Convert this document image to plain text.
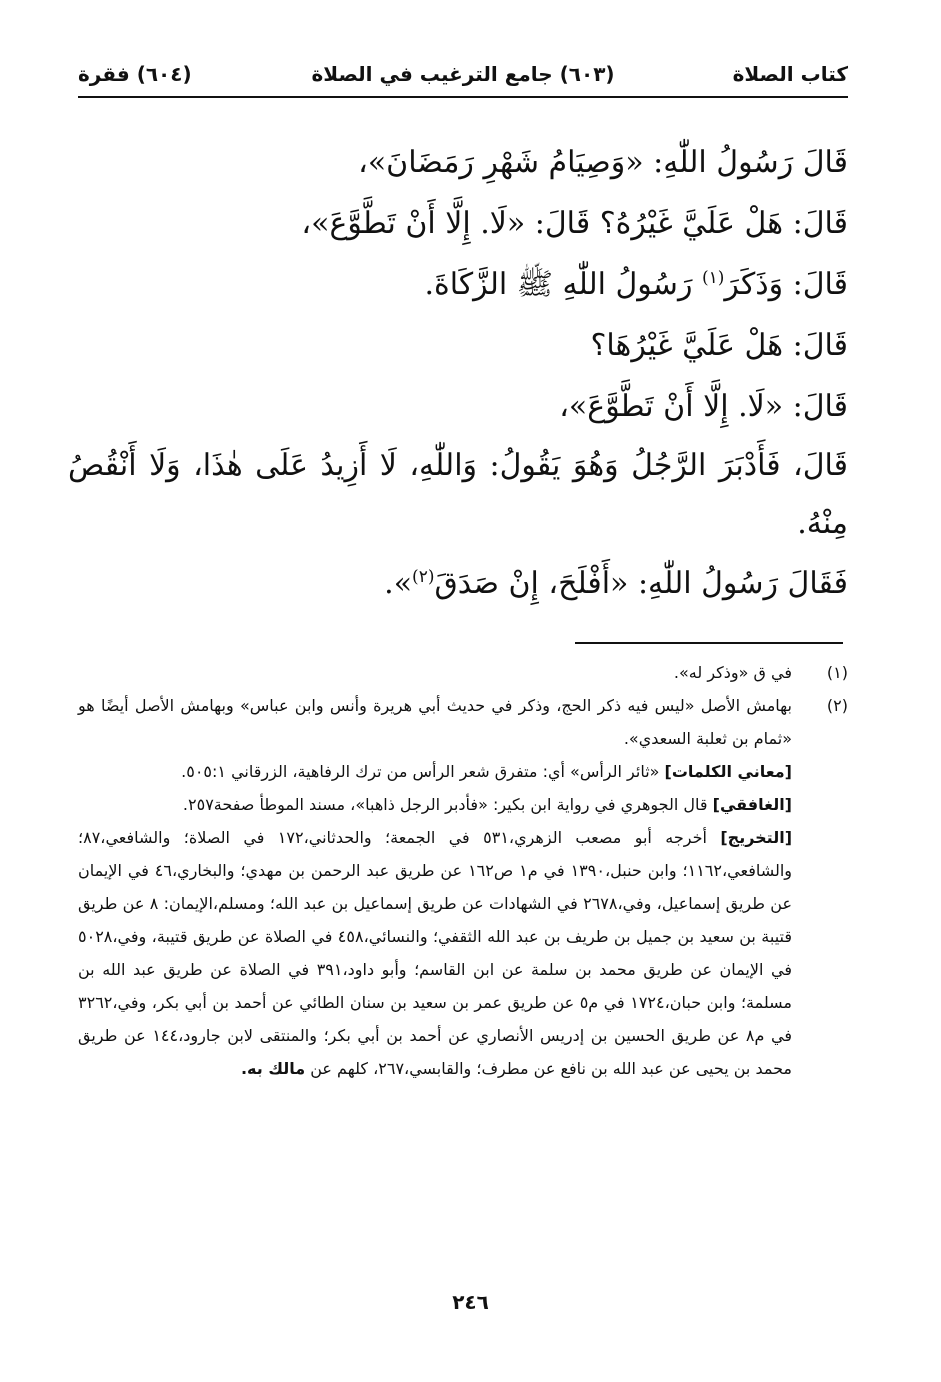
كتاب الصلاة
(٦٠٣) جامع الترغيب في الصلاة
(٦٠٤) فقرة
قَالَ رَسُولُ اللّٰهِ: «وَصِيَامُ شَهْرِ رَمَضَانَ»،
قَالَ: هَلْ عَلَيَّ غَيْرُهُ؟ قَالَ: «لَا. إِلَّا أَنْ تَطَّوَّعَ»،
قَالَ: وَذَكَرَ$^{(١)}$ رَسُولُ اللّٰهِ ﷺ الزَّكَاةَ.
قَالَ: هَلْ عَلَيَّ غَيْرُهَا؟
قَالَ: «لَا. إِلَّا أَنْ تَطَّوَّعَ»،
قَالَ، فَأَدْبَرَ الرَّجُلُ وَهُوَ يَقُولُ: وَاللّٰهِ، لَا أَزِيدُ عَلَى هٰذَا، وَلَا أَنْقُصُ مِنْهُ.
فَقَالَ رَسُولُ اللّٰهِ: «أَفْلَحَ، إِنْ صَدَقَ$^{(٢)}$».
(١)
في ق «وذكر له».
(٢)
بهامش الأصل «ليس فيه ذكر الحج، وذكر في حديث أبي هريرة وأنس وابن عباس» وبهامش الأصل أيضًا هو «ثمام بن ثعلبة السعدي».
[معاني الكلمات] «ثائر الرأس» أي: متفرق شعر الرأس من ترك الرفاهية، الزرقاني ٥٠٥:١.
[الغافقي] قال الجوهري في رواية ابن بكير: «فأدبر الرجل ذاهبا»، مسند الموطأ صفحة٢٥٧.
[التخريج] أخرجه أبو مصعب الزهري،٥٣١ في الجمعة؛ والحدثاني،١٧٢ في الصلاة؛ والشافعي،٨٧؛ والشافعي،١١٦٢؛ وابن حنبل،١٣٩٠ في م١ ص١٦٢ عن طريق عبد الرحمن بن مهدي؛ والبخاري،٤٦ في الإيمان عن طريق إسماعيل، وفي،٢٦٧٨ في الشهادات عن طريق إسماعيل بن عبد الله؛ ومسلم،الإيمان: ٨ عن طريق قتيبة بن سعيد بن جميل بن طريف بن عبد الله الثقفي؛ والنسائي،٤٥٨ في الصلاة عن طريق قتيبة، وفي،٥٠٢٨ في الإيمان عن طريق محمد بن سلمة عن ابن القاسم؛ وأبو داود،٣٩١ في الصلاة عن طريق عبد الله بن مسلمة؛ وابن حبان،١٧٢٤ في م٥ عن طريق عمر بن سعيد بن سنان الطائي عن أحمد بن أبي بكر، وفي،٣٢٦٢ في م٨ عن طريق الحسين بن إدريس الأنصاري عن أحمد بن أبي بكر؛ والمنتقى لابن جارود،١٤٤ عن طريق محمد بن يحيى عن عبد الله بن نافع عن مطرف؛ والقابسي،٢٦٧، كلهم عن مالك به.
٢٤٦
